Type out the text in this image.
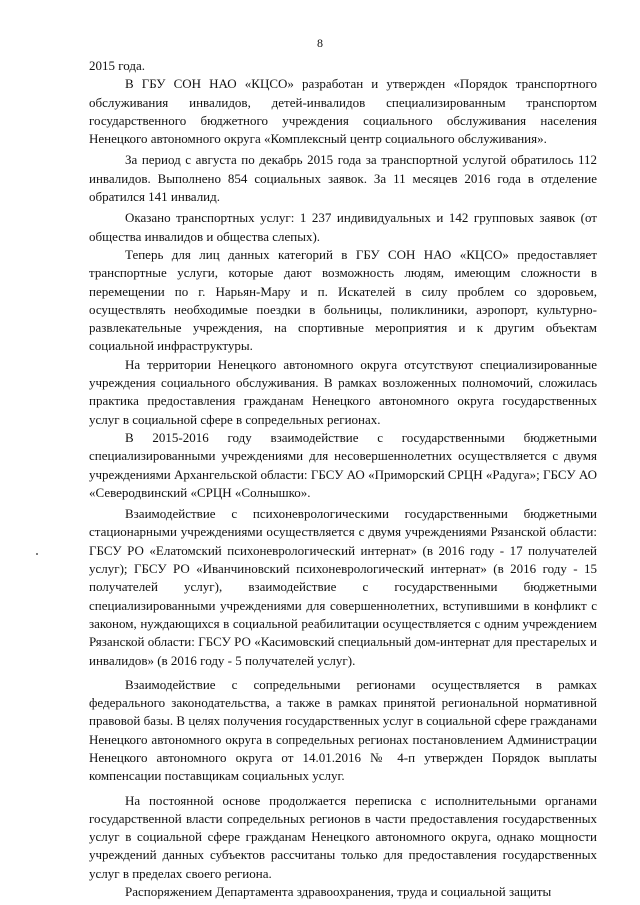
8

2015 года.

В ГБУ СОН НАО «КЦСО» разработан и утвержден «Порядок транспортного обслуживания инвалидов, детей-инвалидов специализированным транспортом государственного бюджетного учреждения социального обслуживания населения Ненецкого автономного округа «Комплексный центр социального обслуживания».

За период с августа по декабрь 2015 года за транспортной услугой обратилось 112 инвалидов. Выполнено 854 социальных заявок. За 11 месяцев 2016 года в отделение обратился 141 инвалид.

Оказано транспортных услуг: 1 237 индивидуальных и 142 групповых заявок (от общества инвалидов и общества слепых).

Теперь для лиц данных категорий в ГБУ СОН НАО «КЦСО» предоставляет транспортные услуги, которые дают возможность людям, имеющим сложности в перемещении по г. Нарьян-Мару и п. Искателей в силу проблем со здоровьем, осуществлять необходимые поездки в больницы, поликлиники, аэропорт, культурно-развлекательные учреждения, на спортивные мероприятия и к другим объектам социальной инфраструктуры.

На территории Ненецкого автономного округа отсутствуют специализированные учреждения социального обслуживания. В рамках возложенных полномочий, сложилась практика предоставления гражданам Ненецкого автономного округа государственных услуг в социальной сфере в сопредельных регионах.

В 2015-2016 году взаимодействие с государственными бюджетными специализированными учреждениями для несовершеннолетних осуществляется с двумя учреждениями Архангельской области: ГБСУ АО «Приморский СРЦН «Радуга»; ГБСУ АО «Северодвинский «СРЦН «Солнышко».

Взаимодействие с психоневрологическими государственными бюджетными стационарными учреждениями осуществляется с двумя учреждениями Рязанской области: ГБСУ РО «Елатомский психоневрологический интернат» (в 2016 году - 17 получателей услуг); ГБСУ РО «Иванчиновский психоневрологический интернат» (в 2016 году - 15 получателей услуг), взаимодействие с государственными бюджетными специализированными учреждениями для совершеннолетних, вступившими в конфликт с законом, нуждающихся в социальной реабилитации осуществляется с одним учреждением Рязанской области: ГБСУ РО «Касимовский специальный дом-интернат для престарелых и инвалидов» (в 2016 году - 5 получателей услуг).

Взаимодействие с сопредельными регионами осуществляется в рамках федерального законодательства, а также в рамках принятой региональной нормативной правовой базы. В целях получения государственных услуг в социальной сфере гражданами Ненецкого автономного округа в сопредельных регионах постановлением Администрации Ненецкого автономного округа от 14.01.2016 № 4-п утвержден Порядок выплаты компенсации поставщикам социальных услуг.

На постоянной основе продолжается переписка с исполнительными органами государственной власти сопредельных регионов в части предоставления государственных услуг в социальной сфере гражданам Ненецкого автономного округа, однако мощности учреждений данных субъектов рассчитаны только для предоставления государственных услуг в пределах своего региона.

Распоряжением Департамента здравоохранения, труда и социальной защиты
